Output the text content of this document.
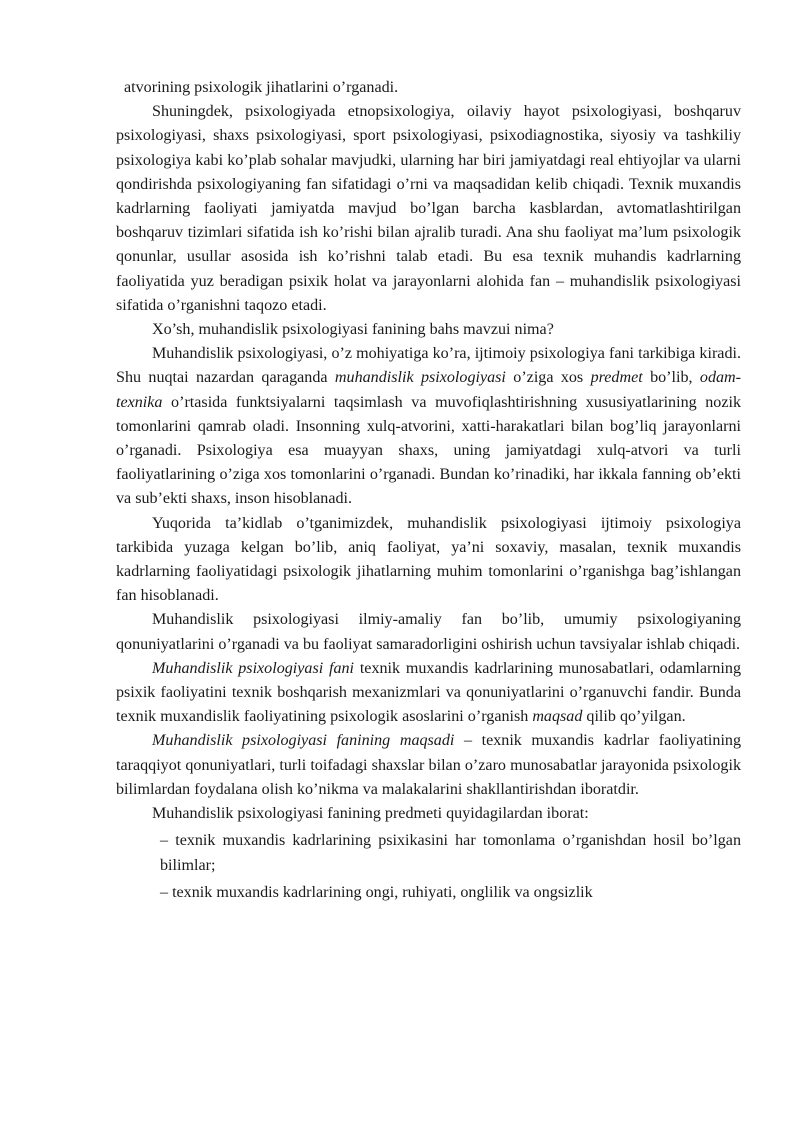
atvorining psixologik jihatlarini o’rganadi.

Shuningdek, psixologiyada etnopsixologiya, oilaviy hayot psixologiyasi, boshqaruv psixologiyasi, shaxs psixologiyasi, sport psixologiyasi, psixodiagnostika, siyosiy va tashkiliy psixologiya kabi ko’plab sohalar mavjudki, ularning har biri jamiyatdagi real ehtiyojlar va ularni qondirishda psixologiyaning fan sifatidagi o’rni va maqsadidan kelib chiqadi. Texnik muxandis kadrlarning faoliyati jamiyatda mavjud bo’lgan barcha kasblardan, avtomatlashtirilgan boshqaruv tizimlari sifatida ish ko’rishi bilan ajralib turadi. Ana shu faoliyat ma’lum psixologik qonunlar, usullar asosida ish ko’rishni talab etadi. Bu esa texnik muhandis kadrlarning faoliyatida yuz beradigan psixik holat va jarayonlarni alohida fan – muhandislik psixologiyasi sifatida o’rganishni taqozo etadi.

Xo’sh, muhandislik psixologiyasi fanining bahs mavzui nima?

Muhandislik psixologiyasi, o’z mohiyatiga ko’ra, ijtimoiy psixologiya fani tarkibiga kiradi. Shu nuqtai nazardan qaraganda muhandislik psixologiyasi o’ziga xos predmet bo’lib, odam-texnika o’rtasida funktsiyalarni taqsimlash va muvofiqlashtirishning xususiyatlarining nozik tomonlarini qamrab oladi. Insonning xulq-atvorini, xatti-harakatlari bilan bog’liq jarayonlarni o’rganadi. Psixologiya esa muayyan shaxs, uning jamiyatdagi xulq-atvori va turli faoliyatlarining o’ziga xos tomonlarini o’rganadi. Bundan ko’rinadiki, har ikkala fanning ob’ekti va sub’ekti shaxs, inson hisoblanadi.

Yuqorida ta’kidlab o’tganimizdek, muhandislik psixologiyasi ijtimoiy psixologiya tarkibida yuzaga kelgan bo’lib, aniq faoliyat, ya’ni soxaviy, masalan, texnik muxandis kadrlarning faoliyatidagi psixologik jihatlarning muhim tomonlarini o’rganishga bag’ishlangan fan hisoblanadi.

Muhandislik psixologiyasi ilmiy-amaliy fan bo’lib, umumiy psixologiyaning qonuniyatlarini o’rganadi va bu faoliyat samaradorligini oshirish uchun tavsiyalar ishlab chiqadi.

Muhandislik psixologiyasi fani texnik muxandis kadrlarining munosabatlari, odamlarning psixik faoliyatini texnik boshqarish mexanizmlari va qonuniyatlarini o’rganuvchi fandir. Bunda texnik muxandislik faoliyatining psixologik asoslarini o’rganish maqsad qilib qo’yilgan.

Muhandislik psixologiyasi fanining maqsadi – texnik muxandis kadrlar faoliyatining taraqqiyot qonuniyatlari, turli toifadagi shaxslar bilan o’zaro munosabatlar jarayonida psixologik bilimlardan foydalana olish ko’nikma va malakalarini shakllantirishdan iboratdir.

Muhandislik psixologiyasi fanining predmeti quyidagilardan iborat:

– texnik muxandis kadrlarining psixikasini har tomonlama o’rganishdan hosil bo’lgan bilimlar;

– texnik muxandis kadrlarining ongi, ruhiyati, onglilik va ongsizlik
